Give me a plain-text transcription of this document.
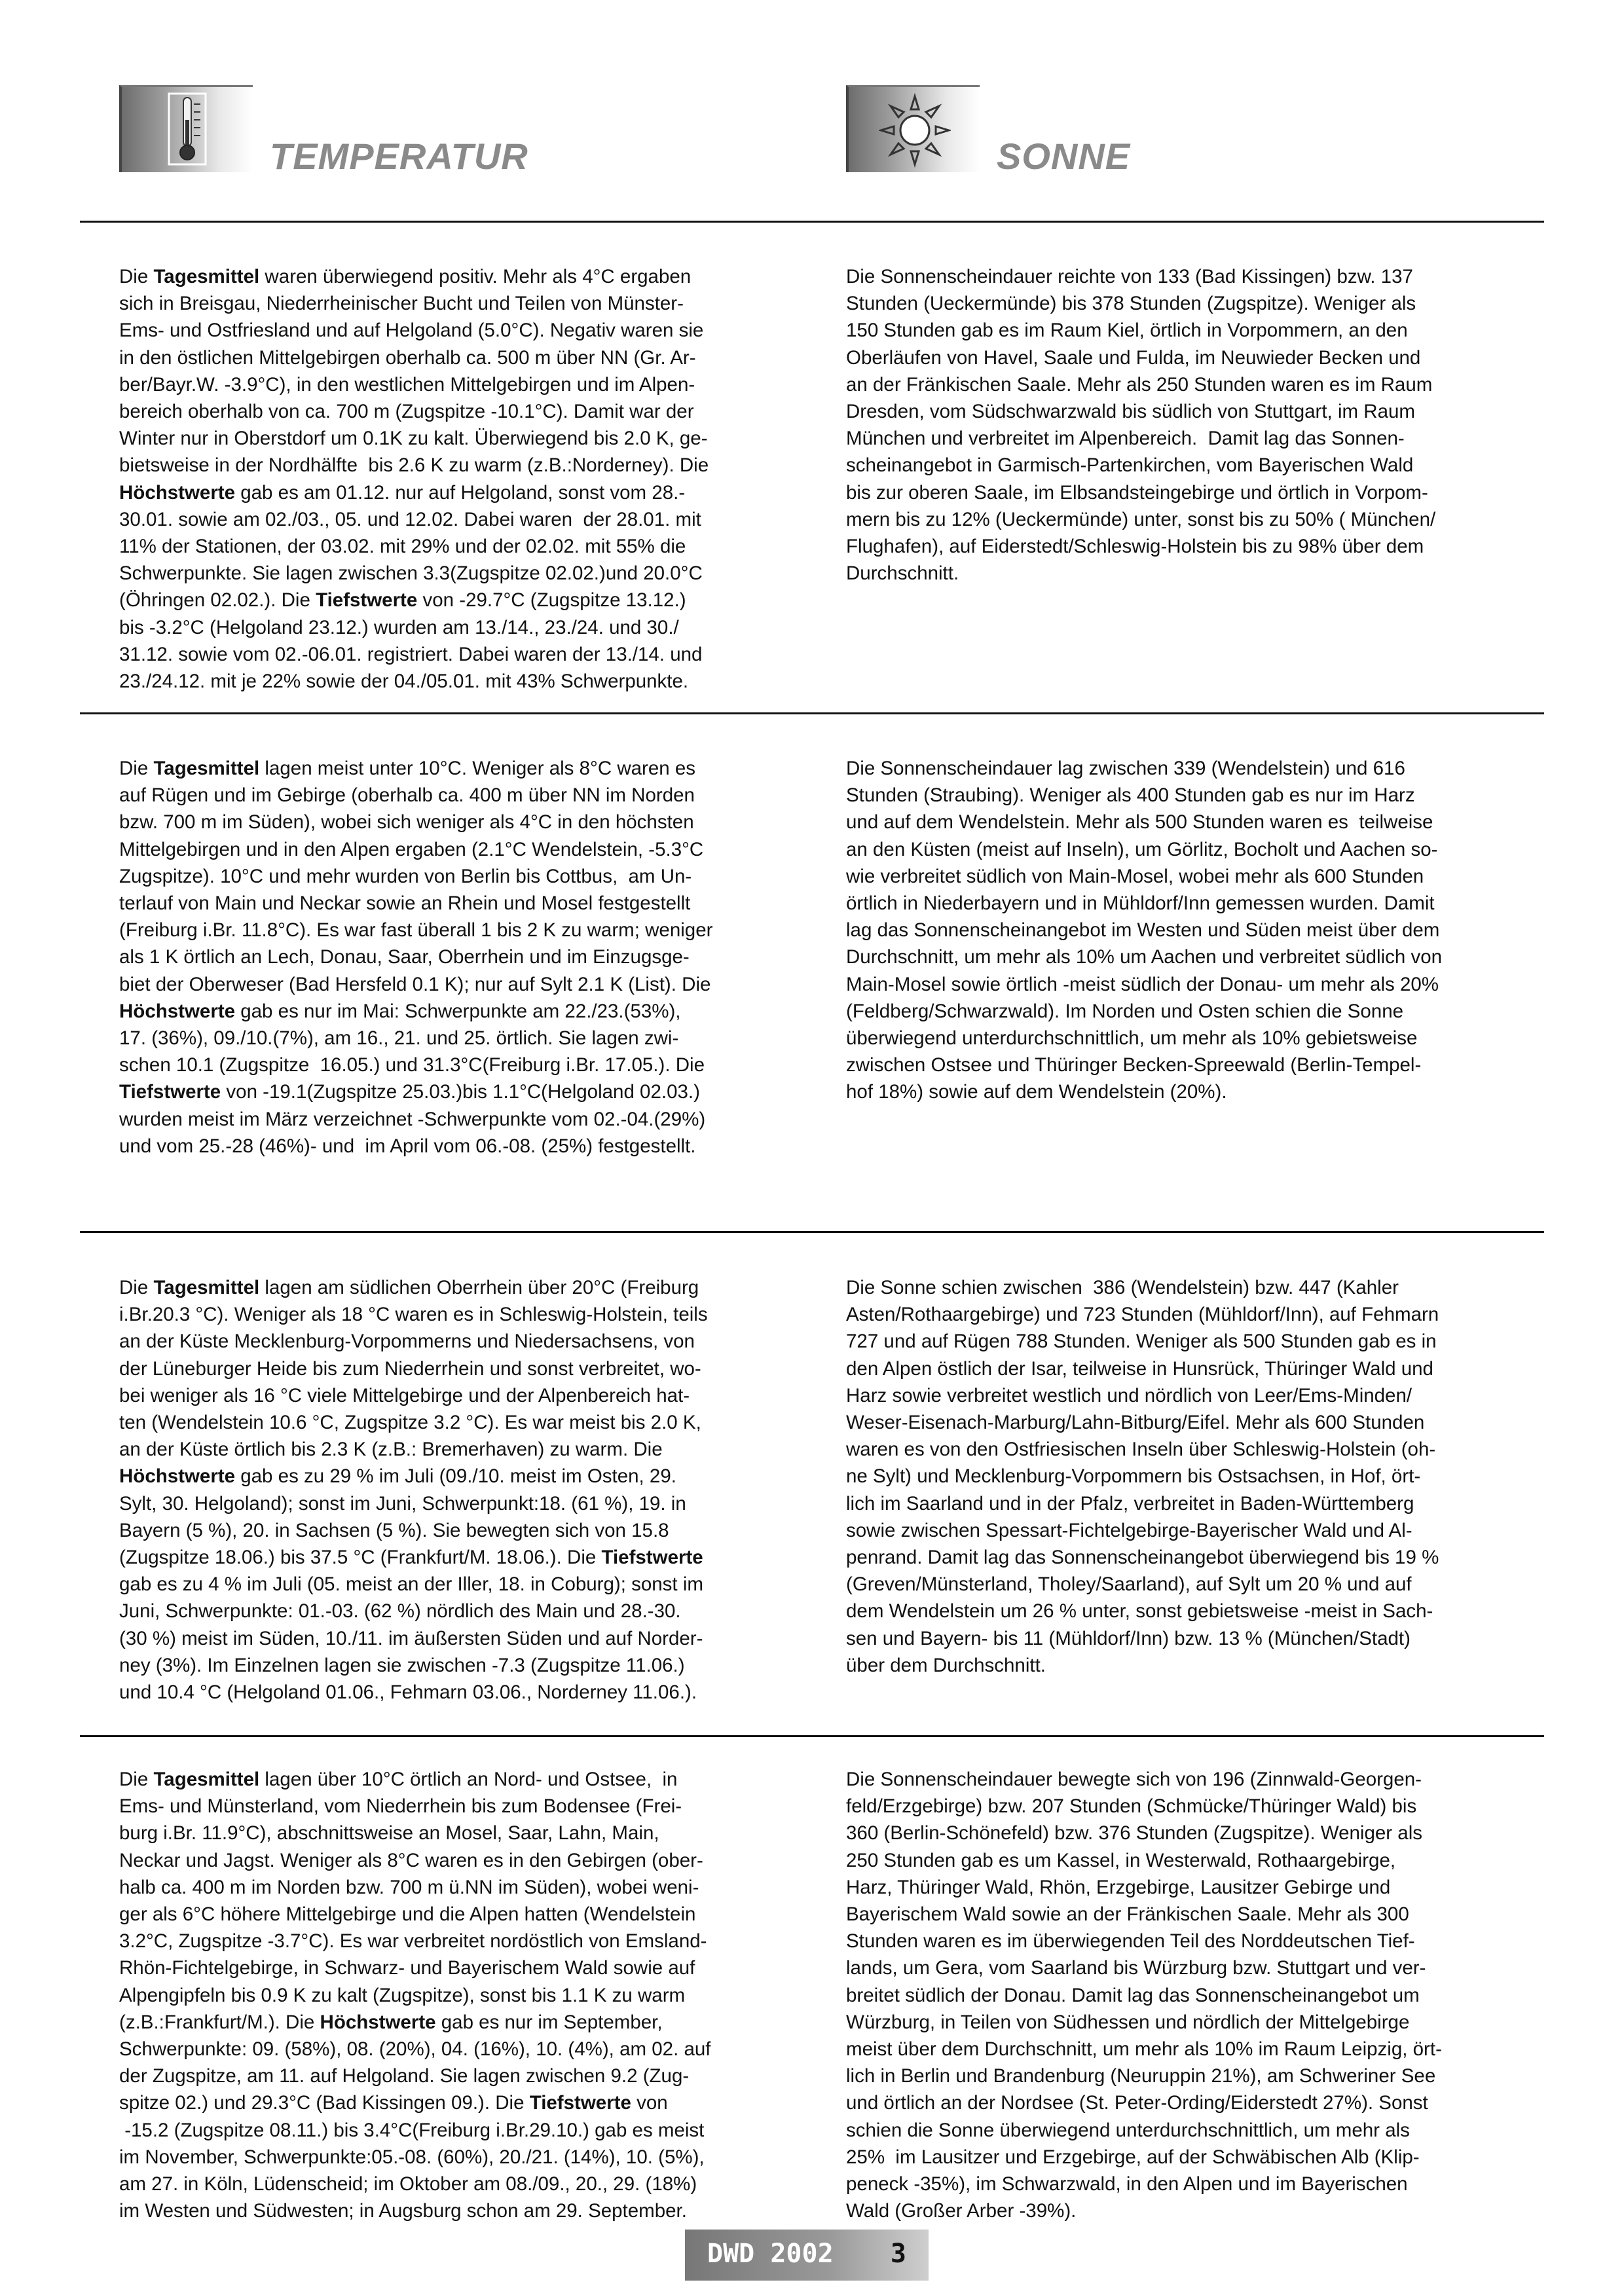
TEMPERATUR	SONNE
Die Tagesmittel waren überwiegend positiv. Mehr als 4°C ergaben
sich in Breisgau, Niederrheinischer Bucht und Teilen von Münster-
Ems- und Ostfriesland und auf Helgoland (5.0°C). Negativ waren sie
in den östlichen Mittelgebirgen oberhalb ca. 500 m über NN (Gr. Ar-
ber/Bayr.W. -3.9°C), in den westlichen Mittelgebirgen und im Alpen-
bereich oberhalb von ca. 700 m (Zugspitze -10.1°C). Damit war der
Winter nur in Oberstdorf um 0.1K zu kalt. Überwiegend bis 2.0 K, ge-
bietsweise in der Nordhälfte  bis 2.6 K zu warm (z.B.:Norderney). Die
Höchstwerte gab es am 01.12. nur auf Helgoland, sonst vom 28.-
30.01. sowie am 02./03., 05. und 12.02. Dabei waren  der 28.01. mit
11% der Stationen, der 03.02. mit 29% und der 02.02. mit 55% die
Schwerpunkte. Sie lagen zwischen 3.3(Zugspitze 02.02.)und 20.0°C
(Öhringen 02.02.). Die Tiefstwerte von -29.7°C (Zugspitze 13.12.)
bis -3.2°C (Helgoland 23.12.) wurden am 13./14., 23./24. und 30./
31.12. sowie vom 02.-06.01. registriert. Dabei waren der 13./14. und
23./24.12. mit je 22% sowie der 04./05.01. mit 43% Schwerpunkte.
Die Sonnenscheindauer reichte von 133 (Bad Kissingen) bzw. 137
Stunden (Ueckermünde) bis 378 Stunden (Zugspitze). Weniger als
150 Stunden gab es im Raum Kiel, örtlich in Vorpommern, an den
Oberläufen von Havel, Saale und Fulda, im Neuwieder Becken und
an der Fränkischen Saale. Mehr als 250 Stunden waren es im Raum
Dresden, vom Südschwarzwald bis südlich von Stuttgart, im Raum
München und verbreitet im Alpenbereich.  Damit lag das Sonnen-
scheinangebot in Garmisch-Partenkirchen, vom Bayerischen Wald
bis zur oberen Saale, im Elbsandsteingebirge und örtlich in Vorpom-
mern bis zu 12% (Ueckermünde) unter, sonst bis zu 50% ( München/
Flughafen), auf Eiderstedt/Schleswig-Holstein bis zu 98% über dem
Durchschnitt.
Die Tagesmittel lagen meist unter 10°C. Weniger als 8°C waren es
auf Rügen und im Gebirge (oberhalb ca. 400 m über NN im Norden
bzw. 700 m im Süden), wobei sich weniger als 4°C in den höchsten
Mittelgebirgen und in den Alpen ergaben (2.1°C Wendelstein, -5.3°C
Zugspitze). 10°C und mehr wurden von Berlin bis Cottbus,  am Un-
terlauf von Main und Neckar sowie an Rhein und Mosel festgestellt
(Freiburg i.Br. 11.8°C). Es war fast überall 1 bis 2 K zu warm; weniger
als 1 K örtlich an Lech, Donau, Saar, Oberrhein und im Einzugsge-
biet der Oberweser (Bad Hersfeld 0.1 K); nur auf Sylt 2.1 K (List). Die
Höchstwerte gab es nur im Mai: Schwerpunkte am 22./23.(53%),
17. (36%), 09./10.(7%), am 16., 21. und 25. örtlich. Sie lagen zwi-
schen 10.1 (Zugspitze  16.05.) und 31.3°C(Freiburg i.Br. 17.05.). Die
Tiefstwerte von -19.1(Zugspitze 25.03.)bis 1.1°C(Helgoland 02.03.)
wurden meist im März verzeichnet -Schwerpunkte vom 02.-04.(29%)
und vom 25.-28 (46%)- und  im April vom 06.-08. (25%) festgestellt.
Die Sonnenscheindauer lag zwischen 339 (Wendelstein) und 616
Stunden (Straubing). Weniger als 400 Stunden gab es nur im Harz
und auf dem Wendelstein. Mehr als 500 Stunden waren es  teilweise
an den Küsten (meist auf Inseln), um Görlitz, Bocholt und Aachen so-
wie verbreitet südlich von Main-Mosel, wobei mehr als 600 Stunden
örtlich in Niederbayern und in Mühldorf/Inn gemessen wurden. Damit
lag das Sonnenscheinangebot im Westen und Süden meist über dem
Durchschnitt, um mehr als 10% um Aachen und verbreitet südlich von
Main-Mosel sowie örtlich -meist südlich der Donau- um mehr als 20%
(Feldberg/Schwarzwald). Im Norden und Osten schien die Sonne
überwiegend unterdurchschnittlich, um mehr als 10% gebietsweise
zwischen Ostsee und Thüringer Becken-Spreewald (Berlin-Tempel-
hof 18%) sowie auf dem Wendelstein (20%).
Die Tagesmittel lagen am südlichen Oberrhein über 20°C (Freiburg
i.Br.20.3 °C). Weniger als 18 °C waren es in Schleswig-Holstein, teils
an der Küste Mecklenburg-Vorpommerns und Niedersachsens, von
der Lüneburger Heide bis zum Niederrhein und sonst verbreitet, wo-
bei weniger als 16 °C viele Mittelgebirge und der Alpenbereich hat-
ten (Wendelstein 10.6 °C, Zugspitze 3.2 °C). Es war meist bis 2.0 K,
an der Küste örtlich bis 2.3 K (z.B.: Bremerhaven) zu warm. Die
Höchstwerte gab es zu 29 % im Juli (09./10. meist im Osten, 29.
Sylt, 30. Helgoland); sonst im Juni, Schwerpunkt:18. (61 %), 19. in
Bayern (5 %), 20. in Sachsen (5 %). Sie bewegten sich von 15.8
(Zugspitze 18.06.) bis 37.5 °C (Frankfurt/M. 18.06.). Die Tiefstwerte
gab es zu 4 % im Juli (05. meist an der Iller, 18. in Coburg); sonst im
Juni, Schwerpunkte: 01.-03. (62 %) nördlich des Main und 28.-30.
(30 %) meist im Süden, 10./11. im äußersten Süden und auf Norder-
ney (3%). Im Einzelnen lagen sie zwischen -7.3 (Zugspitze 11.06.)
und 10.4 °C (Helgoland 01.06., Fehmarn 03.06., Norderney 11.06.).
Die Sonne schien zwischen  386 (Wendelstein) bzw. 447 (Kahler
Asten/Rothaargebirge) und 723 Stunden (Mühldorf/Inn), auf Fehmarn
727 und auf Rügen 788 Stunden. Weniger als 500 Stunden gab es in
den Alpen östlich der Isar, teilweise in Hunsrück, Thüringer Wald und
Harz sowie verbreitet westlich und nördlich von Leer/Ems-Minden/
Weser-Eisenach-Marburg/Lahn-Bitburg/Eifel. Mehr als 600 Stunden
waren es von den Ostfriesischen Inseln über Schleswig-Holstein (oh-
ne Sylt) und Mecklenburg-Vorpommern bis Ostsachsen, in Hof, ört-
lich im Saarland und in der Pfalz, verbreitet in Baden-Württemberg
sowie zwischen Spessart-Fichtelgebirge-Bayerischer Wald und Al-
penrand. Damit lag das Sonnenscheinangebot überwiegend bis 19 %
(Greven/Münsterland, Tholey/Saarland), auf Sylt um 20 % und auf
dem Wendelstein um 26 % unter, sonst gebietsweise -meist in Sach-
sen und Bayern- bis 11 (Mühldorf/Inn) bzw. 13 % (München/Stadt)
über dem Durchschnitt.
Die Tagesmittel lagen über 10°C örtlich an Nord- und Ostsee,  in
Ems- und Münsterland, vom Niederrhein bis zum Bodensee (Frei-
burg i.Br. 11.9°C), abschnittsweise an Mosel, Saar, Lahn, Main,
Neckar und Jagst. Weniger als 8°C waren es in den Gebirgen (ober-
halb ca. 400 m im Norden bzw. 700 m ü.NN im Süden), wobei weni-
ger als 6°C höhere Mittelgebirge und die Alpen hatten (Wendelstein
3.2°C, Zugspitze -3.7°C). Es war verbreitet nordöstlich von Emsland-
Rhön-Fichtelgebirge, in Schwarz- und Bayerischem Wald sowie auf
Alpengipfeln bis 0.9 K zu kalt (Zugspitze), sonst bis 1.1 K zu warm
(z.B.:Frankfurt/M.). Die Höchstwerte gab es nur im September,
Schwerpunkte: 09. (58%), 08. (20%), 04. (16%), 10. (4%), am 02. auf
der Zugspitze, am 11. auf Helgoland. Sie lagen zwischen 9.2 (Zug-
spitze 02.) und 29.3°C (Bad Kissingen 09.). Die Tiefstwerte von
-15.2 (Zugspitze 08.11.) bis 3.4°C(Freiburg i.Br.29.10.) gab es meist
im November, Schwerpunkte:05.-08. (60%), 20./21. (14%), 10. (5%),
am 27. in Köln, Lüdenscheid; im Oktober am 08./09., 20., 29. (18%)
im Westen und Südwesten; in Augsburg schon am 29. September.
Die Sonnenscheindauer bewegte sich von 196 (Zinnwald-Georgen-
feld/Erzgebirge) bzw. 207 Stunden (Schmücke/Thüringer Wald) bis
360 (Berlin-Schönefeld) bzw. 376 Stunden (Zugspitze). Weniger als
250 Stunden gab es um Kassel, in Westerwald, Rothaargebirge,
Harz, Thüringer Wald, Rhön, Erzgebirge, Lausitzer Gebirge und
Bayerischem Wald sowie an der Fränkischen Saale. Mehr als 300
Stunden waren es im überwiegenden Teil des Norddeutschen Tief-
lands, um Gera, vom Saarland bis Würzburg bzw. Stuttgart und ver-
breitet südlich der Donau. Damit lag das Sonnenscheinangebot um
Würzburg, in Teilen von Südhessen und nördlich der Mittelgebirge
meist über dem Durchschnitt, um mehr als 10% im Raum Leipzig, ört-
lich in Berlin und Brandenburg (Neuruppin 21%), am Schweriner See
und örtlich an der Nordsee (St. Peter-Ording/Eiderstedt 27%). Sonst
schien die Sonne überwiegend unterdurchschnittlich, um mehr als
25%  im Lausitzer und Erzgebirge, auf der Schwäbischen Alb (Klip-
peneck -35%), im Schwarzwald, in den Alpen und im Bayerischen
Wald (Großer Arber -39%).
DWD 2002 3
